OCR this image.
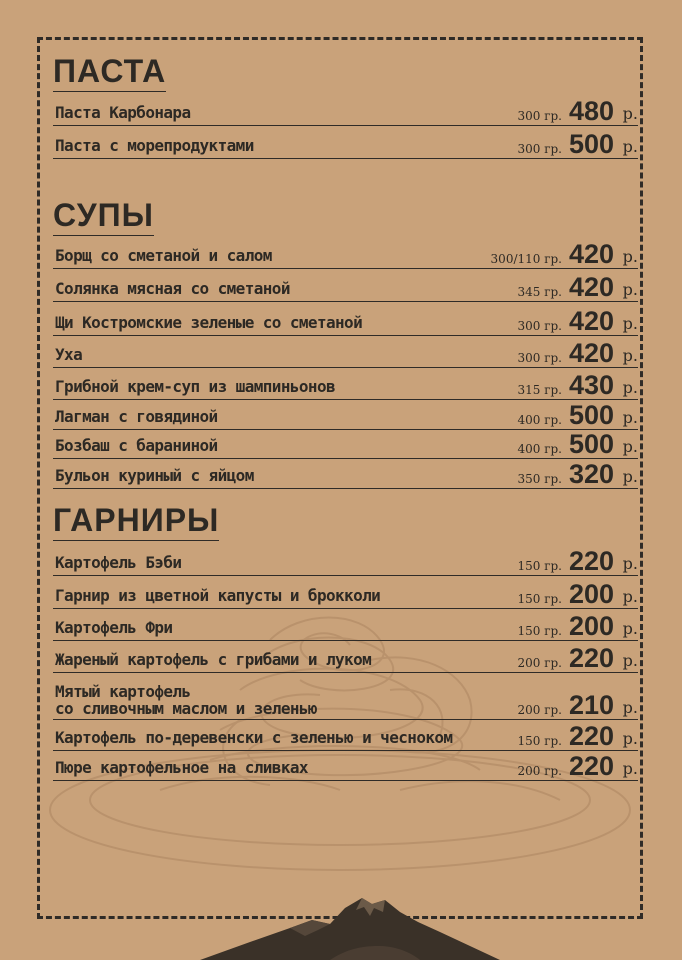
ПАСТА
Паста Карбонара	300 гр. 480 р.
Паста с морепродуктами	300 гр. 500 р.
СУПЫ
Борщ со сметаной и салом	300/110 гр. 420 р.
Солянка мясная со сметаной	345 гр. 420 р.
Щи Костромские зеленые со сметаной	300 гр. 420 р.
Уха	300 гр. 420 р.
Грибной крем-суп из шампиньонов	315 гр. 430 р.
Лагман с говядиной	400 гр. 500 р.
Бозбаш с бараниной	400 гр. 500 р.
Бульон куриный с яйцом	350 гр. 320 р.
ГАРНИРЫ
Картофель Бэби	150 гр. 220 р.
Гарнир из цветной капусты и брокколи	150 гр. 200 р.
Картофель Фри	150 гр. 200 р.
Жареный картофель с грибами и луком	200 гр. 220 р.
Мятый картофель
со сливочным маслом и зеленью	200 гр. 210 р.
Картофель по-деревенски с зеленью и чесноком	150 гр. 220 р.
Пюре картофельное на сливках	200 гр. 220 р.
